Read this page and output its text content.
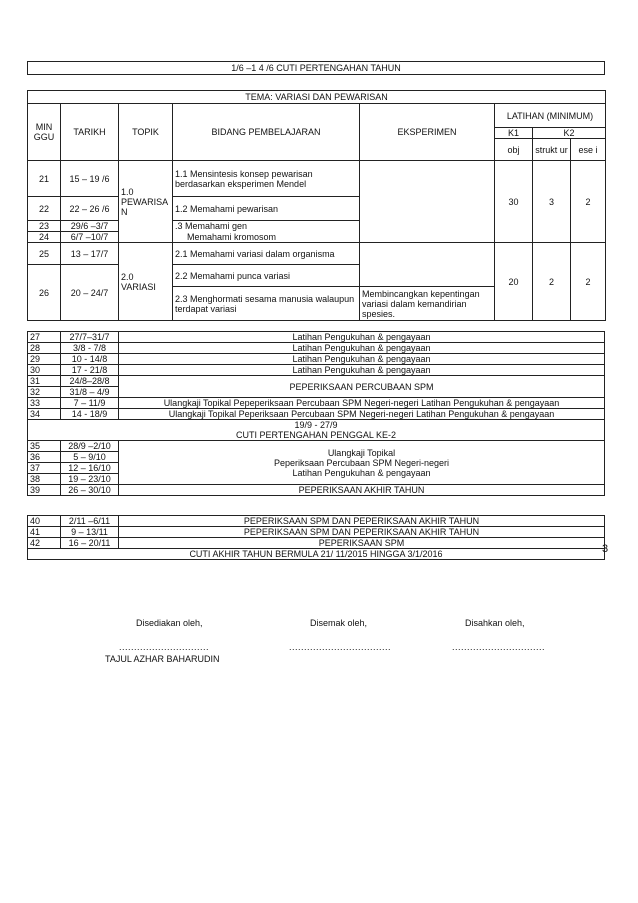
1/6 –1 4 /6 CUTI PERTENGAHAN TAHUN
TEMA: VARIASI DAN PEWARISAN							
MIN GGU	TARIKH	TOPIK	BIDANG PEMBELAJARAN	EKSPERIMEN	LATIHAN (MINIMUM)		
					K1	K2	
					obj	strukt ur	ese i
21	15 – 19 /6	1.0 PEWARISA N	1.1 Mensintesis konsep pewarisan berdasarkan eksperimen Mendel		30	3	2
22	22 – 26 /6		1.2 Memahami pewarisan				
23	29/6 –3/7		.3 Memahami gen				
24	6/7 –10/7		Memahami kromosom				
25	13 – 17/7	2.0 VARIASI	2.1 Memahami variasi dalam organisma		20	2	2
26	20 – 24/7		2.2 Memahami punca variasi				
			2.3 Menghormati sesama manusia walaupun terdapat variasi	Membincangkan kepentingan variasi dalam kemandirian spesies.			
27	27/7–31/7	Latihan Pengukuhan & pengayaan
28	3/8 - 7/8	Latihan Pengukuhan & pengayaan
29	10 - 14/8	Latihan Pengukuhan & pengayaan
30	17 - 21/8	Latihan Pengukuhan & pengayaan
31	24/8–28/8	PEPERIKSAAN PERCUBAAN SPM
32	31/8 – 4/9	
33	7 – 11/9	Ulangkaji Topikal Pepeperiksaan Percubaan SPM Negeri-negeri Latihan Pengukuhan & pengayaan
34	14 - 18/9	Ulangkaji Topikal Peperiksaan Percubaan SPM Negeri-negeri Latihan Pengukuhan & pengayaan

19/9 - 27/9
CUTI PERTENGAHAN PENGGAL KE-2		

35	28/9 –2/10	Ulangkaji Topikal
Peperiksaan Percubaan SPM Negeri-negeri
Latihan Pengukuhan & pengayaan

36	5 – 9/10	
37	12 – 16/10	
38	19 – 23/10	
39	26 – 30/10	PEPERIKSAAN AKHIR TAHUN
40	2/11 –6/11	PEPERIKSAAN SPM DAN PEPERIKSAAN AKHIR TAHUN
41	9 – 13/11	PEPERIKSAAN SPM DAN PEPERIKSAAN AKHIR TAHUN
42	16 – 20/11	PEPERIKSAAN SPM
CUTI AKHIR TAHUN BERMULA 21/ 11/2015 HINGGA 3/1/2016			3
Disediakan oleh,	Disemak oleh,	Disahkan oleh,
..............................	..................................	...............................
TAJUL AZHAR BAHARUDIN
